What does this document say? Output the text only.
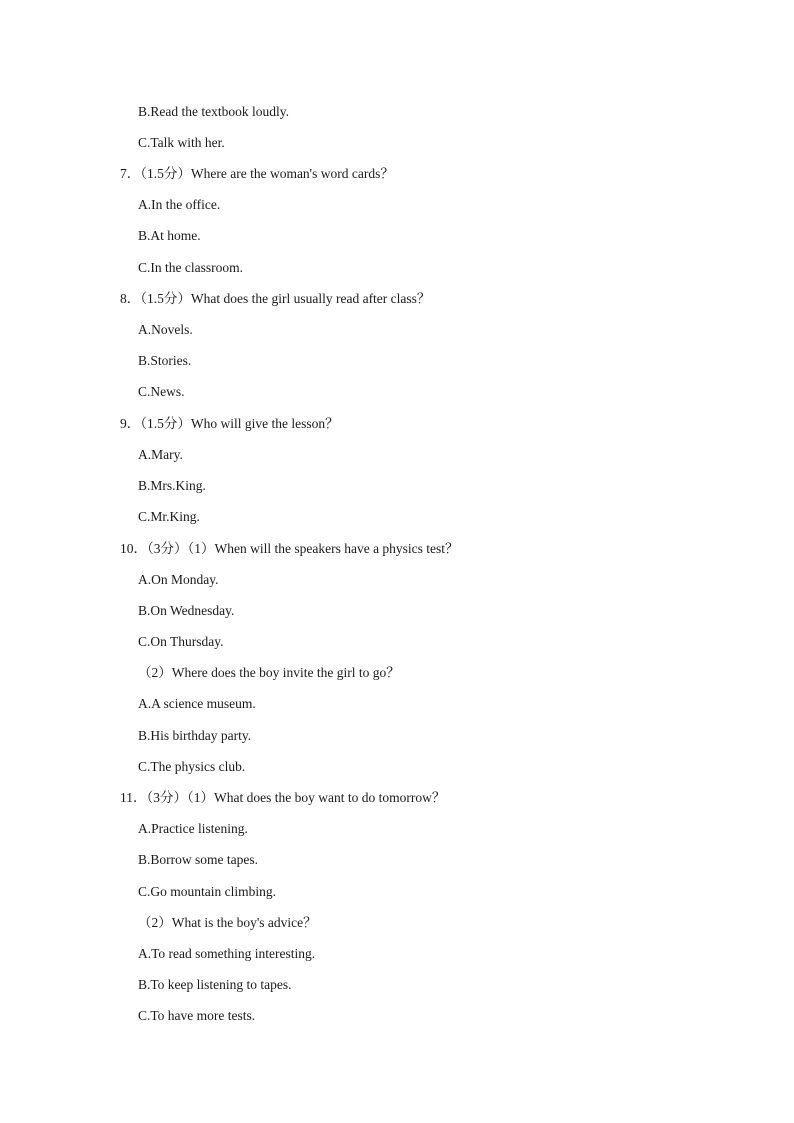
B.Read the textbook loudly.
C.Talk with her.
7．（1.5分）Where are the woman's word cards？
A.In the office.
B.At home.
C.In the classroom.
8．（1.5分）What does the girl usually read after class？
A.Novels.
B.Stories.
C.News.
9．（1.5分）Who will give the lesson？
A.Mary.
B.Mrs.King.
C.Mr.King.
10．（3分）（1）When will the speakers have a physics test？
A.On Monday.
B.On Wednesday.
C.On Thursday.
（2）Where does the boy invite the girl to go？
A.A science museum.
B.His birthday party.
C.The physics club.
11．（3分）（1）What does the boy want to do tomorrow？
A.Practice listening.
B.Borrow some tapes.
C.Go mountain climbing.
（2）What is the boy's advice？
A.To read something interesting.
B.To keep listening to tapes.
C.To have more tests.
